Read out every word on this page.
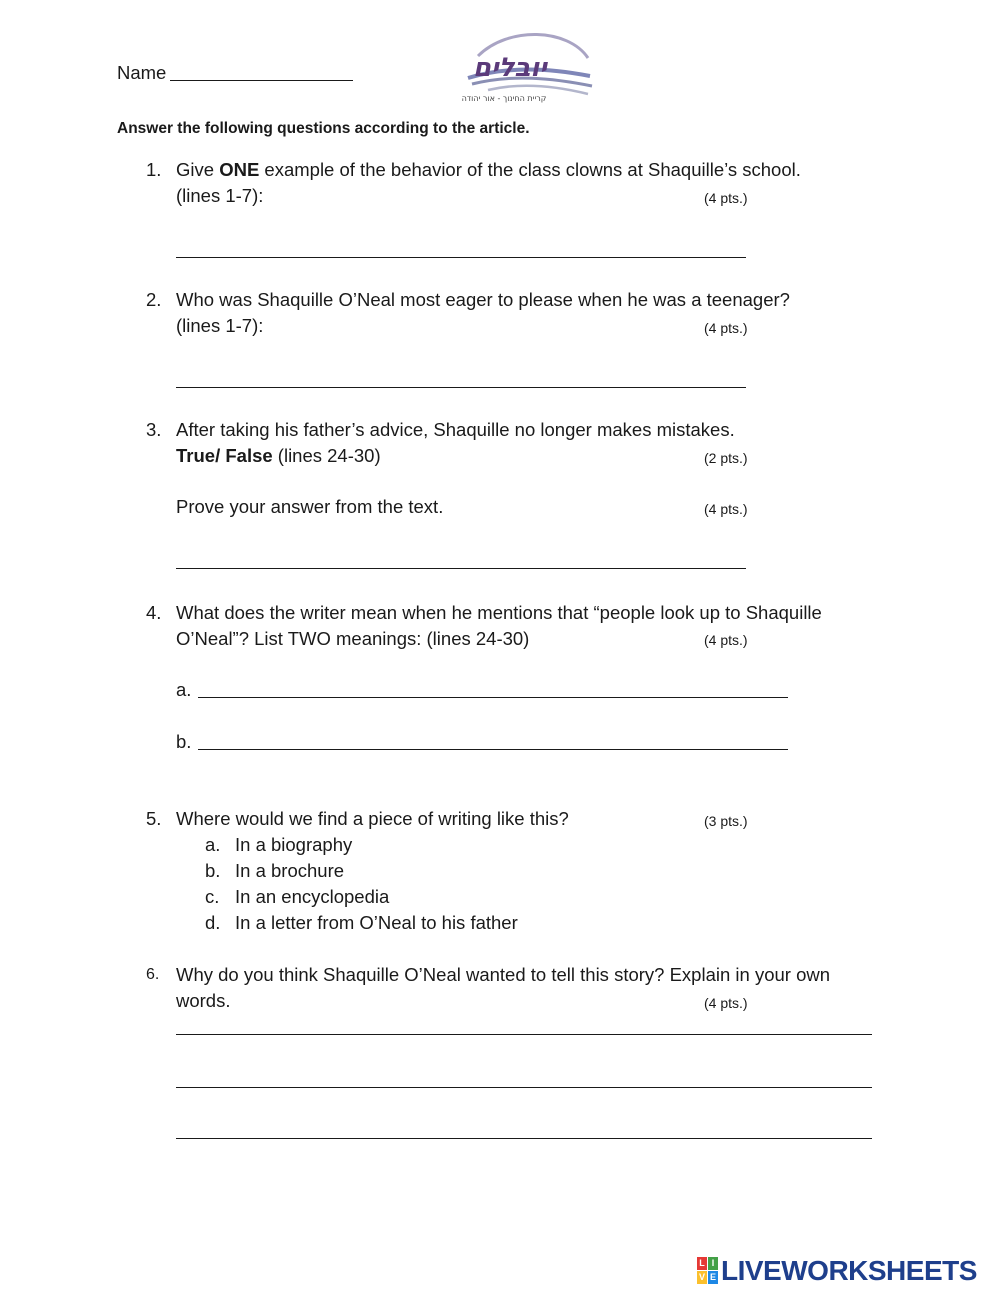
Name	יובלים
קריית החינוך - אור יהודה
Answer the following questions according to the article.
1. Give ONE example of the behavior of the class clowns at Shaquille’s school.
(lines 1-7):	(4 pts.)
2. Who was Shaquille O’Neal most eager to please when he was a teenager?
(lines 1-7):	(4 pts.)
3. After taking his father’s advice, Shaquille no longer makes mistakes.
True/ False (lines 24-30)	(2 pts.)
Prove your answer from the text.	(4 pts.)
4. What does the writer mean when he mentions that “people look up to Shaquille
O’Neal”? List TWO meanings: (lines 24-30)	(4 pts.)
a.
b.
5. Where would we find a piece of writing like this?	(3 pts.)
a. In a biography
b. In a brochure
c. In an encyclopedia
d. In a letter from O’Neal to his father
6. Why do you think Shaquille O’Neal wanted to tell this story? Explain in your own
words.	(4 pts.)
L I
V E LIVEWORKSHEETS
